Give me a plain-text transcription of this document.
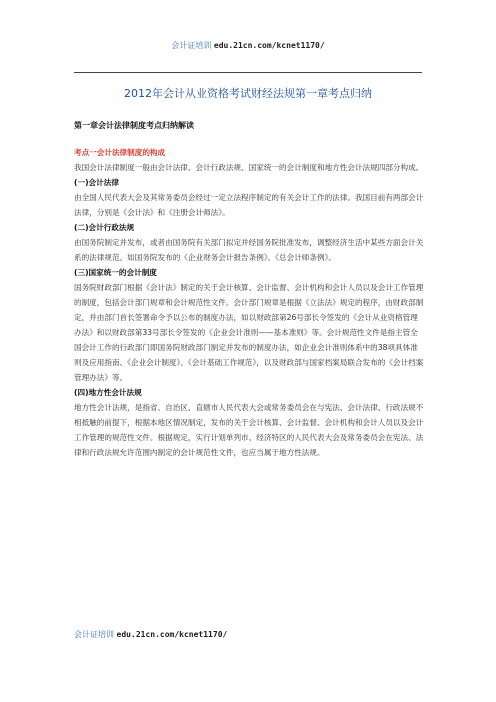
会计证培训 edu.21cn.com/kcnet1170/
2012年会计从业资格考试财经法规第一章考点归纳
第一章会计法律制度考点归纳解读

考点一会计法律制度的构成

我国会计法律制度一般由会计法律、会计行政法规、国家统一的会计制度和地方性会计法规四部分构成。

(一)会计法律

由全国人民代表大会及其常务委员会经过一定立法程序制定的有关会计工作的法律。我国目前有两部会计法律，分别是《会计法》和《注册会计师法》。

(二)会计行政法规

由国务院制定并发布，或者由国务院有关部门拟定并经国务院批准发布，调整经济生活中某些方面会计关系的法律规范。如国务院发布的《企业财务会计报告条例》、《总会计师条例》。

(三)国家统一的会计制度

国务院财政部门根据《会计法》制定的关于会计核算、会计监督、会计机构和会计人员以及会计工作管理的制度，包括会计部门规章和会计规范性文件。会计部门规章是根据《立法法》规定的程序，由财政部制定，并由部门首长签署命令予以公布的制度办法，如以财政部第26号部长令签发的《会计从业资格管理办法》和以财政部第33号部长令签发的《企业会计准则——基本准则》等。会计规范性文件是指主管全国会计工作的行政部门即国务院财政部门制定并发布的制度办法，如企业会计准则体系中的38项具体准则及应用指南、《企业会计制度》、《会计基础工作规范》，以及财政部与国家档案局联合发布的《会计档案管理办法》等。

(四)地方性会计法规

地方性会计法规，是指省、自治区、直辖市人民代表大会或常务委员会在与宪法、会计法律、行政法规不相抵触的前提下，根据本地区情况制定，发布的关于会计核算、会计监督、会计机构和会计人员以及会计工作管理的规范性文件。根据规定，实行计划单列市、经济特区的人民代表大会及常务委员会在宪法、法律和行政法规允许范围内制定的会计规范性文件，也应当属于地方性法规。

会计证培训 edu.21cn.com/kcnet1170/
